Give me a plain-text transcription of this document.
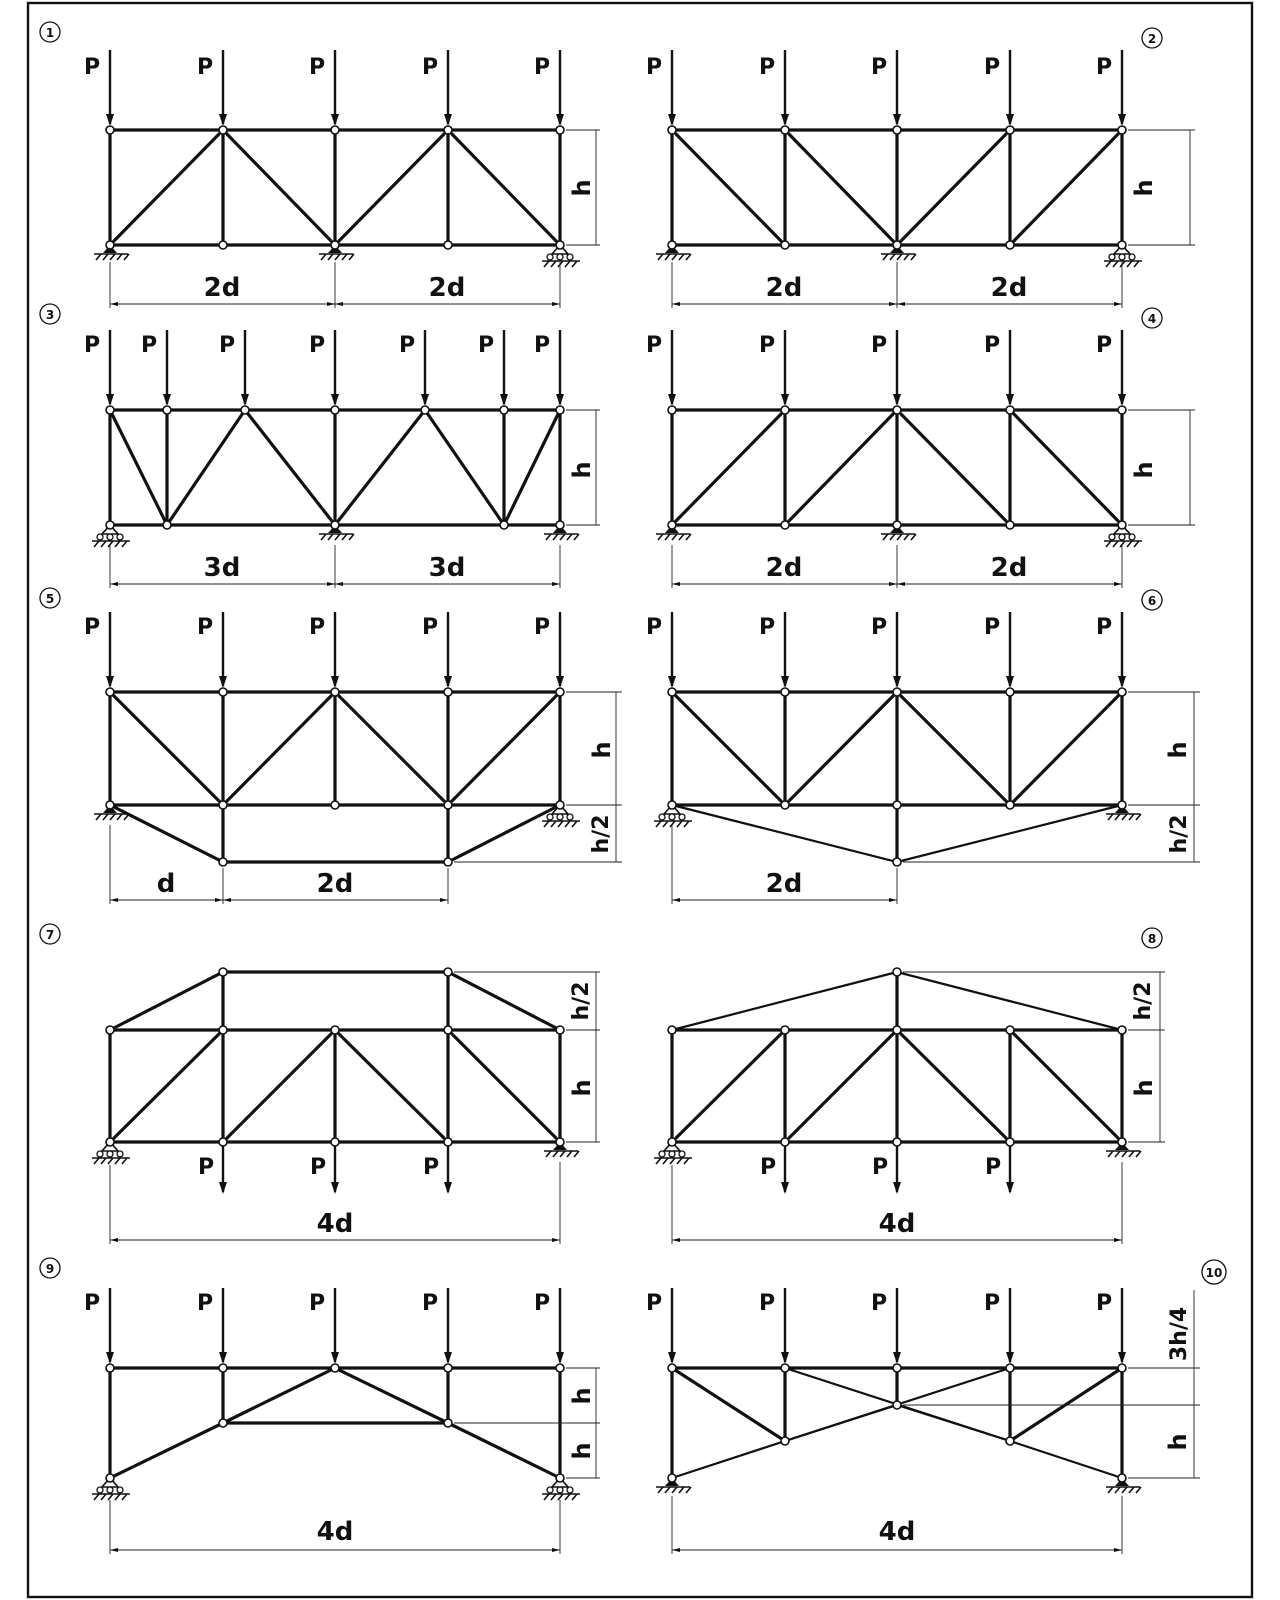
1	2
3	4
5	6
7	8
9	10
P	P	P	P	P
h
2d	2d
P	P	P	P	P
h
2d	2d
P P	P	P	P	P P
h
3d	3d
P	P	P	P	P
h
2d	2d
P	P	P	P	P
h
h/2
d	2d
P	P	P	P	P
h
h/2
2d
P	P	P
h/2
h
4d
P	P	P
h/2
h
4d
P	P	P	P	P
h
h
4d
P	P	P	P	P
3h/4
h
4d
